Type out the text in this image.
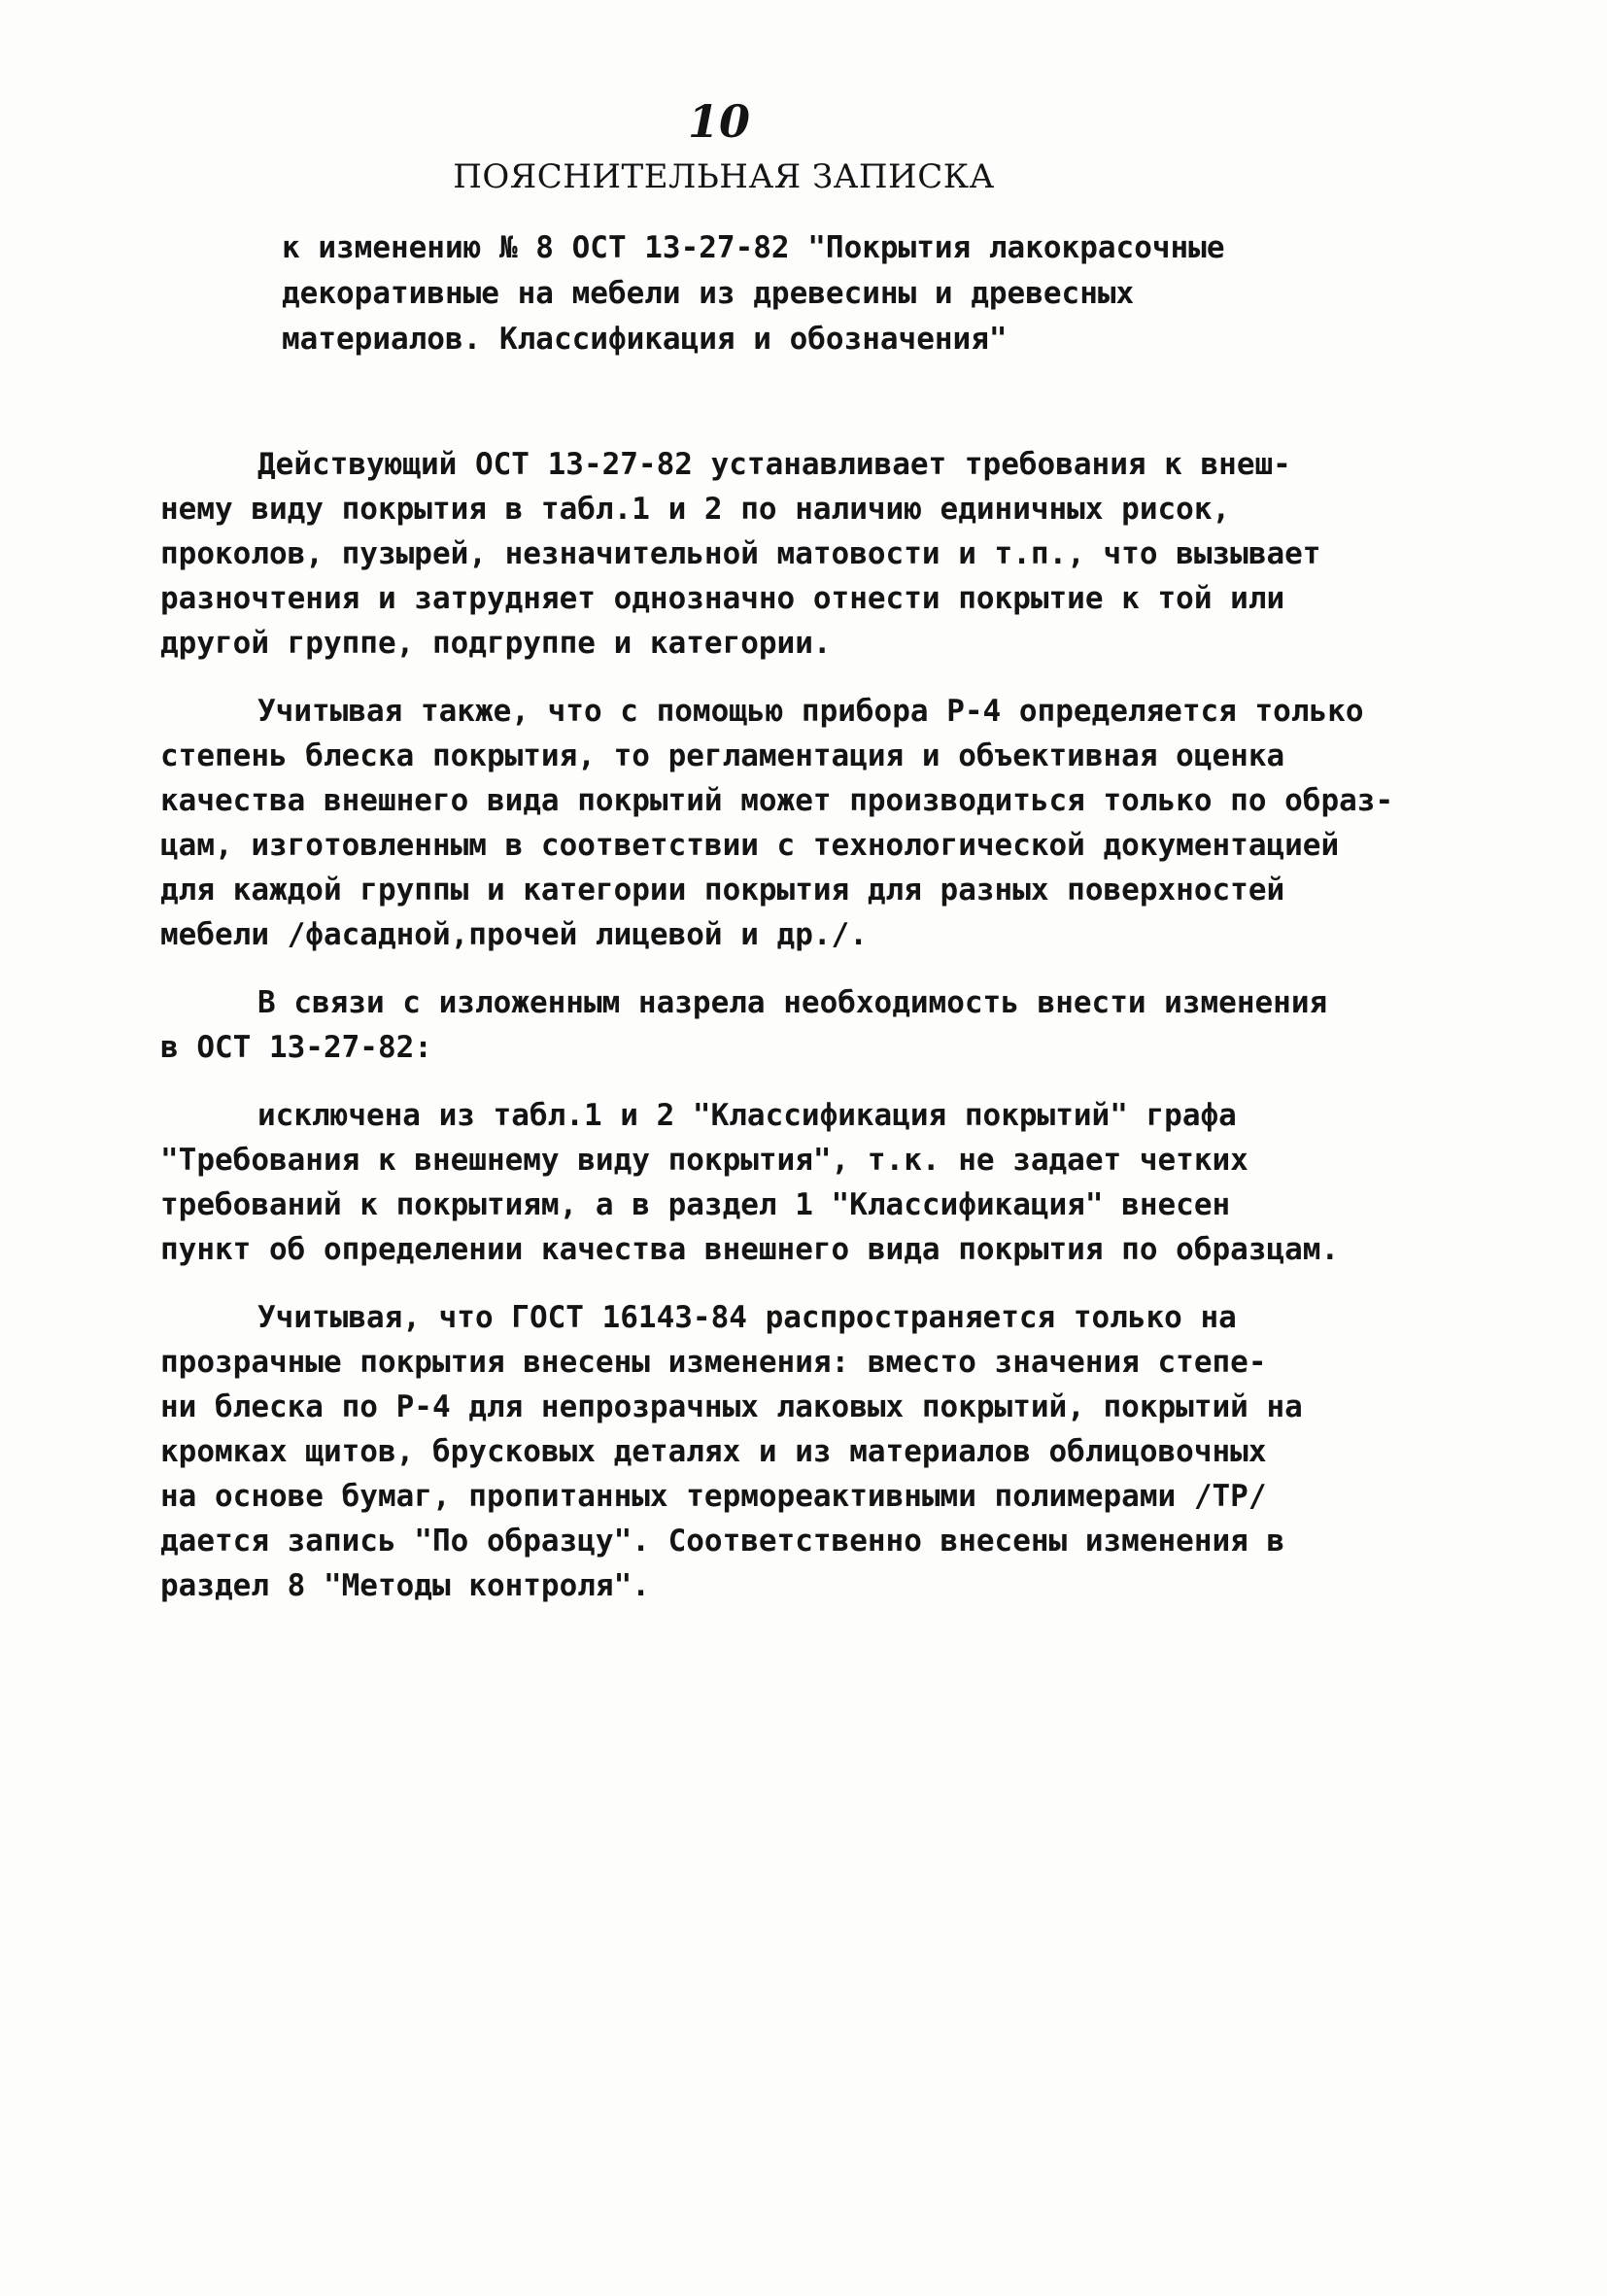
10
ПОЯСНИТЕЛЬНАЯ ЗАПИСКА
к изменению № 8 ОСТ 13-27-82 "Покрытия лакокрасочные
декоративные на мебели из древесины и древесных
материалов. Классификация и обозначения"
Действующий ОСТ 13-27-82 устанавливает требования к внеш-
нему виду покрытия в табл.1 и 2 по наличию единичных рисок,
проколов, пузырей, незначительной матовости и т.п., что вызывает
разночтения и затрудняет однозначно отнести покрытие к той или
другой группе, подгруппе и категории.
Учитывая также, что с помощью прибора Р-4 определяется только
степень блеска покрытия, то регламентация и объективная оценка
качества внешнего вида покрытий может производиться только по образ-
цам, изготовленным в соответствии с технологической документацией
для каждой группы и категории покрытия для разных поверхностей
мебели /фасадной,прочей лицевой и др./.
В связи с изложенным назрела необходимость внести изменения
в ОСТ 13-27-82:
исключена из табл.1 и 2 "Классификация покрытий" графа
"Требования к внешнему виду покрытия", т.к. не задает четких
требований к покрытиям, а в раздел 1 "Классификация" внесен
пункт об определении качества внешнего вида покрытия по образцам.
Учитывая, что ГОСТ 16143-84 распространяется только на
прозрачные покрытия внесены изменения: вместо значения степе-
ни блеска по Р-4 для непрозрачных лаковых покрытий, покрытий на
кромках щитов, брусковых деталях и из материалов облицовочных
на основе бумаг, пропитанных термореактивными полимерами /ТР/
дается запись "По образцу". Соответственно внесены изменения в
раздел 8 "Методы контроля".
